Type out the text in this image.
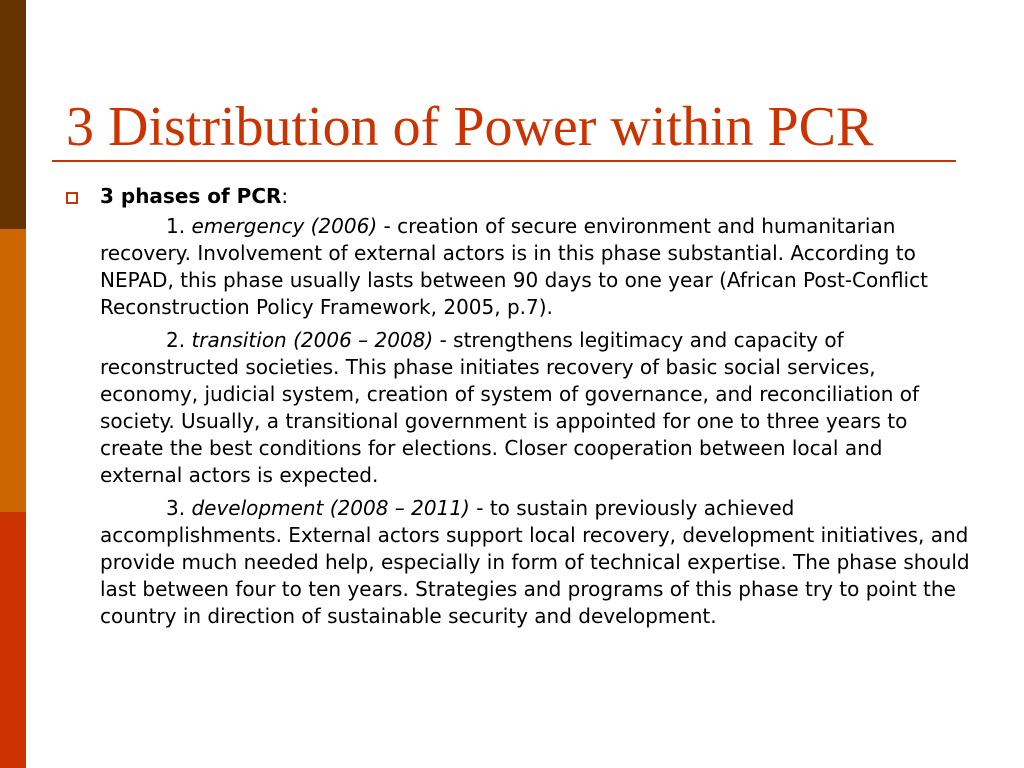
3 Distribution of Power within PCR

3 phases of PCR:

1. emergency (2006) - creation of secure environment and humanitarian recovery. Involvement of external actors is in this phase substantial. According to NEPAD, this phase usually lasts between 90 days to one year (African Post-Conflict Reconstruction Policy Framework, 2005, p.7).

2. transition (2006 – 2008) - strengthens legitimacy and capacity of reconstructed societies. This phase initiates recovery of basic social services, economy, judicial system, creation of system of governance, and reconciliation of society. Usually, a transitional government is appointed for one to three years to create the best conditions for elections. Closer cooperation between local and external actors is expected.

3. development (2008 – 2011) - to sustain previously achieved accomplishments. External actors support local recovery, development initiatives, and provide much needed help, especially in form of technical expertise. The phase should last between four to ten years. Strategies and programs of this phase try to point the country in direction of sustainable security and development.
